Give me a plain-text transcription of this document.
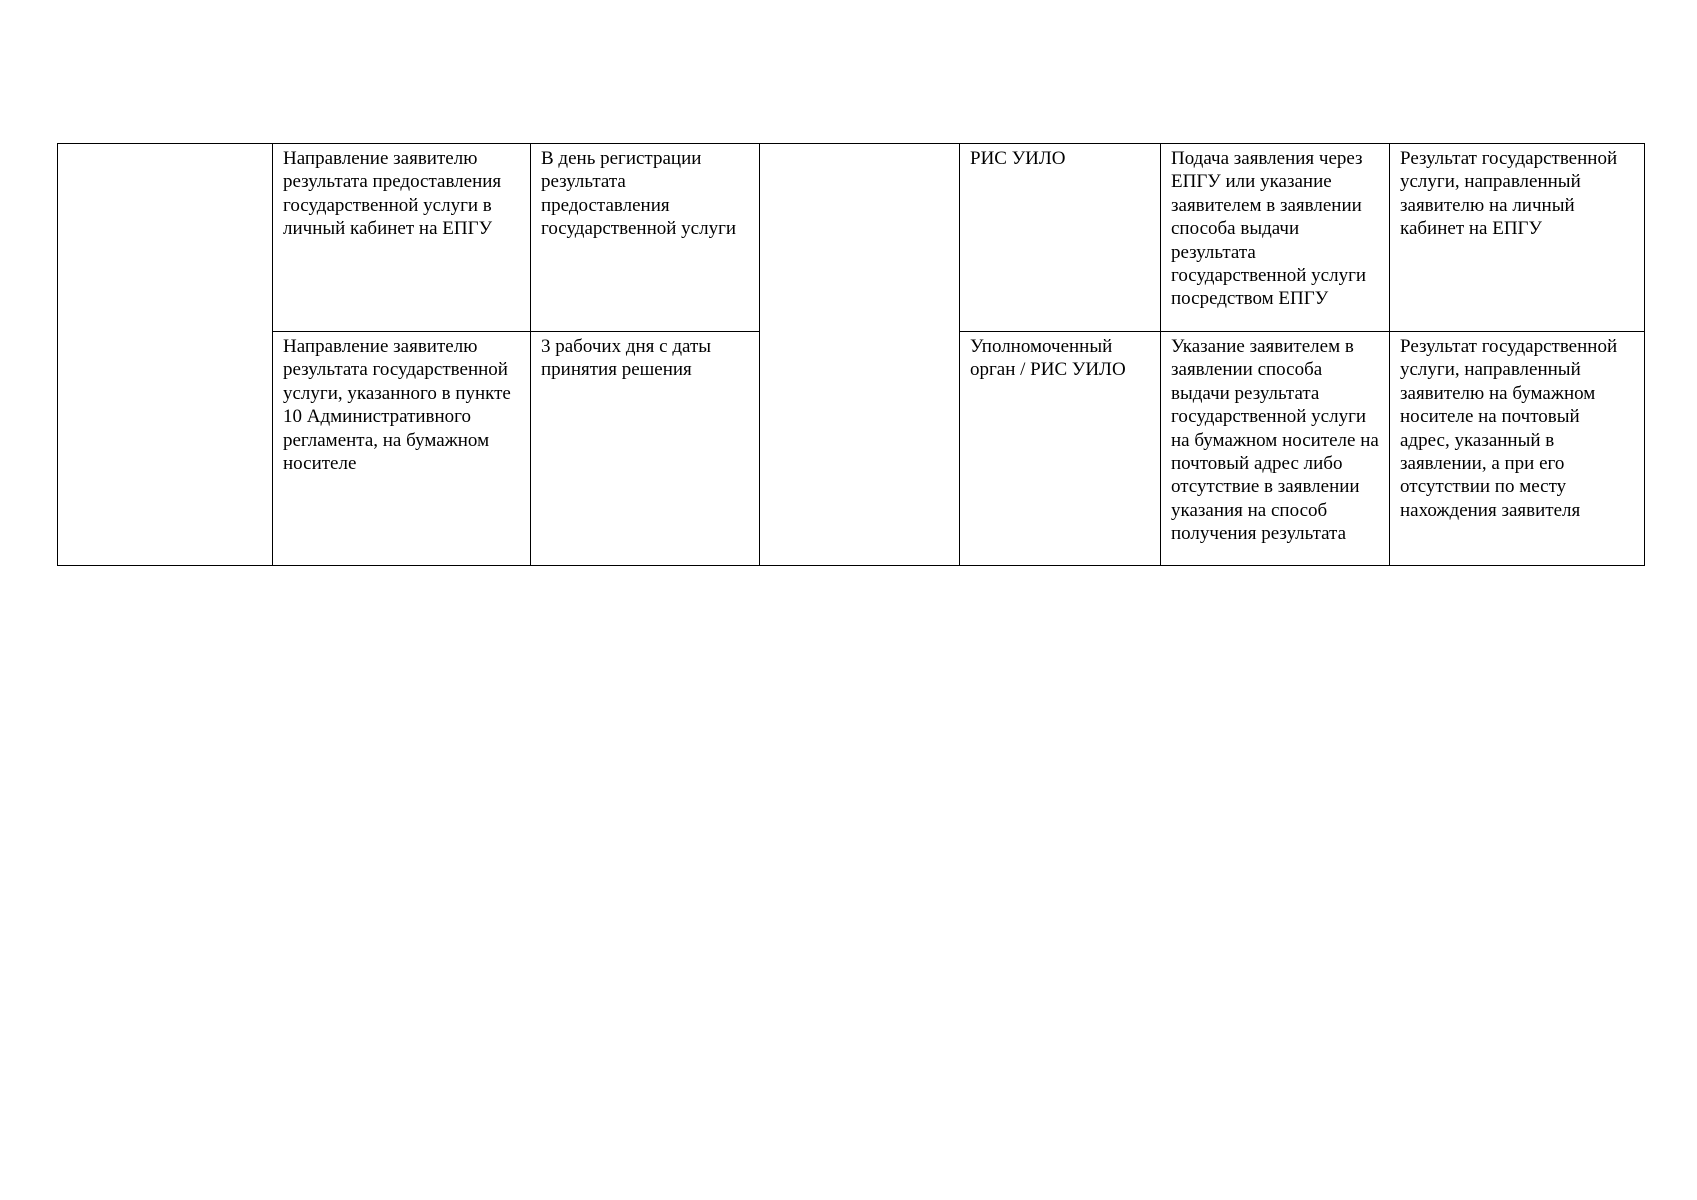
	Направление заявителю результата предоставления государственной услуги в личный кабинет на ЕПГУ	В день регистрации результата предоставления государственной услуги		РИС УИЛО	Подача заявления через ЕПГУ или указание заявителем в заявлении способа выдачи результата государственной услуги посредством ЕПГУ	Результат государственной услуги, направленный заявителю на личный кабинет на ЕПГУ
	Направление заявителю результата государственной услуги, указанного в пункте 10 Административного регламента, на бумажном носителе	3 рабочих дня с даты принятия решения		Уполномоченный орган / РИС УИЛО	Указание заявителем в заявлении способа выдачи результата государственной услуги на бумажном носителе на почтовый адрес либо отсутствие в заявлении указания на способ получения результата	Результат государственной услуги, направленный заявителю на бумажном носителе на почтовый адрес, указанный в заявлении, а при его отсутствии по месту нахождения заявителя
